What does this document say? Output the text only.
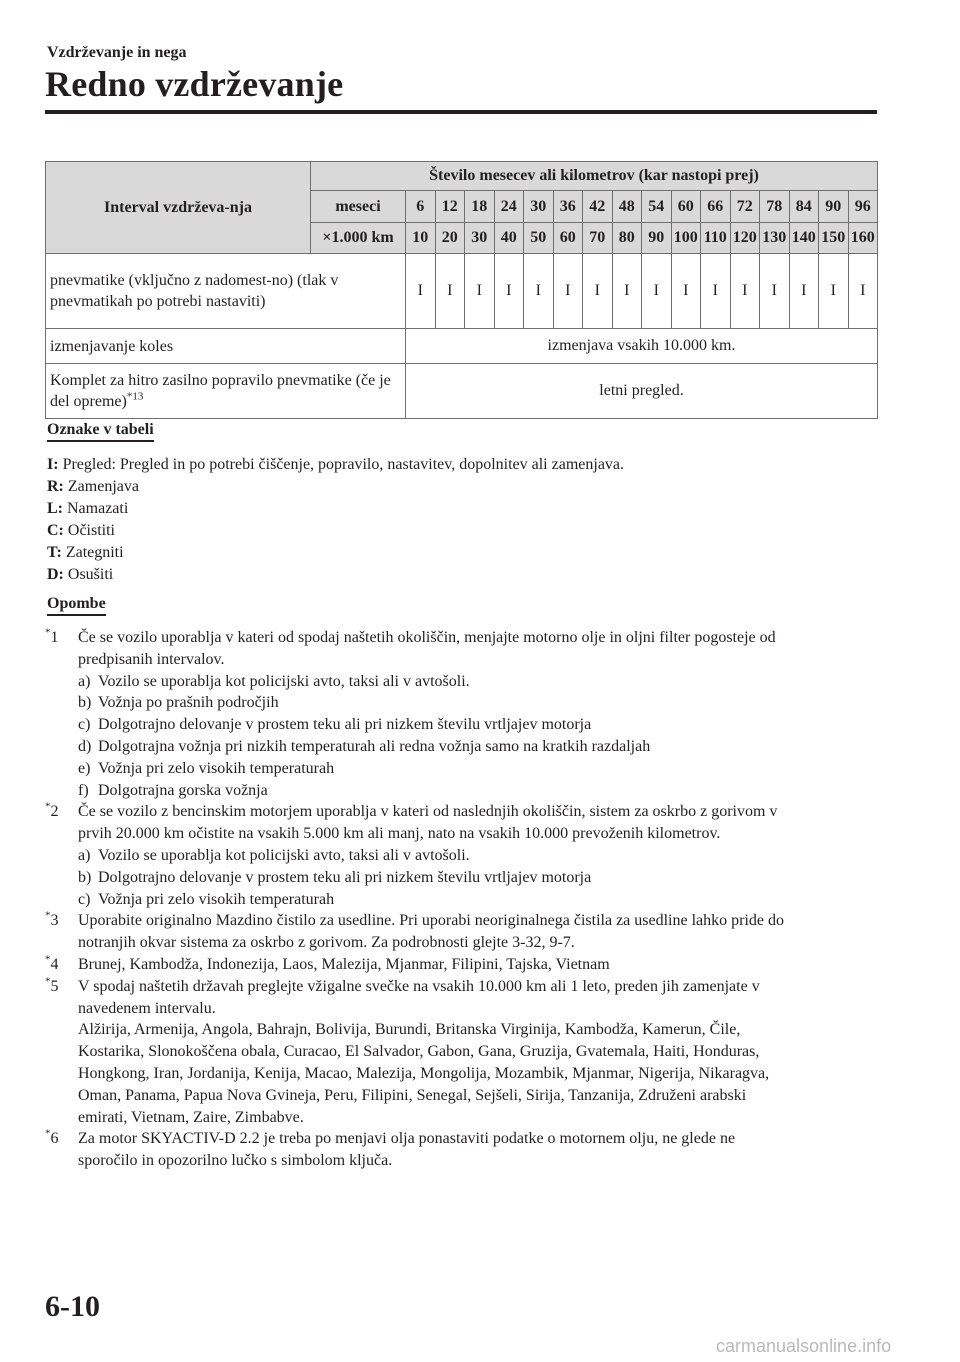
Vzdrževanje in nega
Redno vzdrževanje
Interval vzdrževa-nja	Število mesecev ali kilometrov (kar nastopi prej)																
	meseci	6	12	18	24	30	36	42	48	54	60	66	72	78	84	90	96
	×1.000 km	10	20	30	40	50	60	70	80	90	100	110	120	130	140	150	160
pnevmatike (vključno z nadomest-no) (tlak v pnevmatikah po potrebi nastaviti)		I	I	I	I	I	I	I	I	I	I	I	I	I	I	I	I
izmenjavanje koles		izmenjava vsakih 10.000 km.															
Komplet za hitro zasilno popravilo pnevmatike (če je del opreme)$^{*13}$		letni pregled.															
Oznake v tabeli
I: Pregled: Pregled in po potrebi čiščenje, popravilo, nastavitev, dopolnitev ali zamenjava.
R: Zamenjava
L: Namazati
C: Očistiti
T: Zategniti
D: Osušiti
Opombe
*1 Če se vozilo uporablja v kateri od spodaj naštetih okoliščin, menjajte motorno olje in oljni filter pogosteje od
predpisanih intervalov.
a) Vozilo se uporablja kot policijski avto, taksi ali v avtošoli.
b) Vožnja po prašnih področjih
c) Dolgotrajno delovanje v prostem teku ali pri nizkem številu vrtljajev motorja
d) Dolgotrajna vožnja pri nizkih temperaturah ali redna vožnja samo na kratkih razdaljah
e) Vožnja pri zelo visokih temperaturah
f) Dolgotrajna gorska vožnja
*2 Če se vozilo z bencinskim motorjem uporablja v kateri od naslednjih okoliščin, sistem za oskrbo z gorivom v
prvih 20.000 km očistite na vsakih 5.000 km ali manj, nato na vsakih 10.000 prevoženih kilometrov.
a) Vozilo se uporablja kot policijski avto, taksi ali v avtošoli.
b) Dolgotrajno delovanje v prostem teku ali pri nizkem številu vrtljajev motorja
c) Vožnja pri zelo visokih temperaturah
*3 Uporabite originalno Mazdino čistilo za usedline. Pri uporabi neoriginalnega čistila za usedline lahko pride do
notranjih okvar sistema za oskrbo z gorivom. Za podrobnosti glejte 3-32, 9-7.
*4 Brunej, Kambodža, Indonezija, Laos, Malezija, Mjanmar, Filipini, Tajska, Vietnam
*5 V spodaj naštetih državah preglejte vžigalne svečke na vsakih 10.000 km ali 1 leto, preden jih zamenjate v
navedenem intervalu.
Alžirija, Armenija, Angola, Bahrajn, Bolivija, Burundi, Britanska Virginija, Kambodža, Kamerun, Čile,
Kostarika, Slonokoščena obala, Curacao, El Salvador, Gabon, Gana, Gruzija, Gvatemala, Haiti, Honduras,
Hongkong, Iran, Jordanija, Kenija, Macao, Malezija, Mongolija, Mozambik, Mjanmar, Nigerija, Nikaragva,
Oman, Panama, Papua Nova Gvineja, Peru, Filipini, Senegal, Sejšeli, Sirija, Tanzanija, Združeni arabski
emirati, Vietnam, Zaire, Zimbabve.
*6 Za motor SKYACTIV-D 2.2 je treba po menjavi olja ponastaviti podatke o motornem olju, ne glede ne
sporočilo in opozorilno lučko s simbolom ključa.
6-10
carmanualsonline.info
